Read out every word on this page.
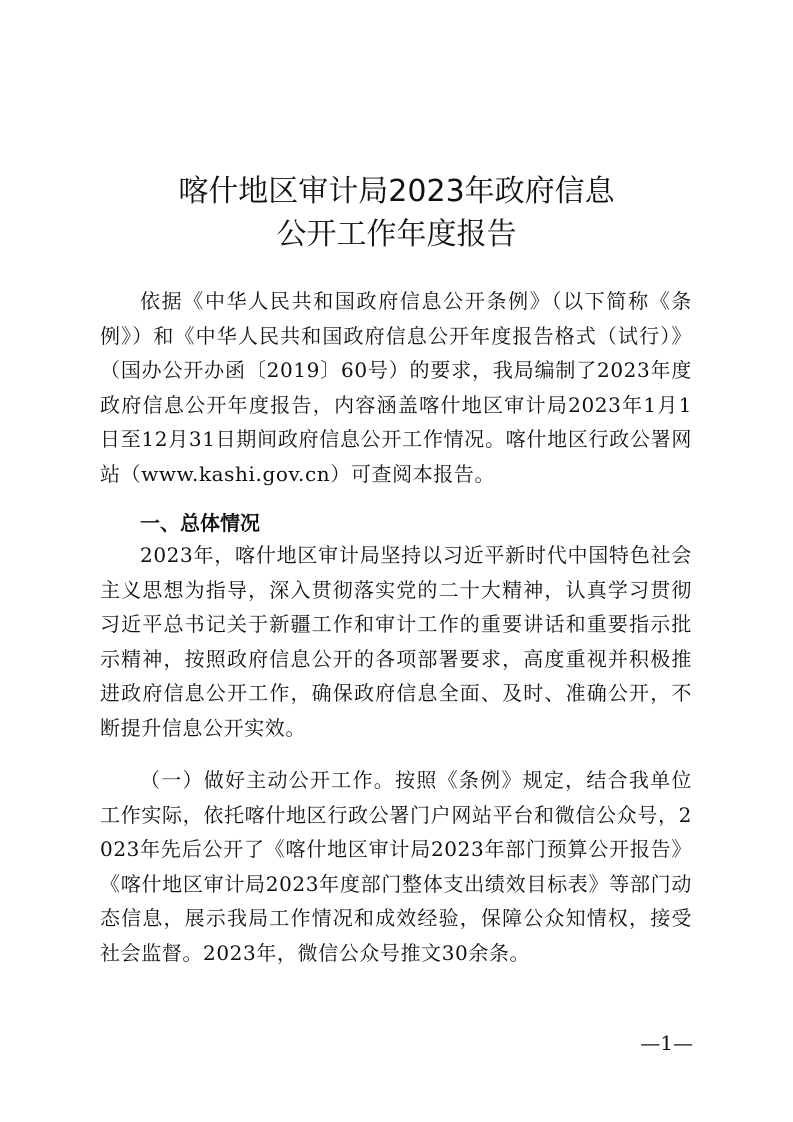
喀什地区审计局2023年政府信息
公开工作年度报告

依据《中华人民共和国政府信息公开条例》（以下简称《条例》）和《中华人民共和国政府信息公开年度报告格式（试行）》（国办公开办函〔2019〕60号）的要求，我局编制了2023年度政府信息公开年度报告，内容涵盖喀什地区审计局2023年1月1日至12月31日期间政府信息公开工作情况。喀什地区行政公署网站（www.kashi.gov.cn）可查阅本报告。

一、总体情况

2023年，喀什地区审计局坚持以习近平新时代中国特色社会主义思想为指导，深入贯彻落实党的二十大精神，认真学习贯彻习近平总书记关于新疆工作和审计工作的重要讲话和重要指示批示精神，按照政府信息公开的各项部署要求，高度重视并积极推进政府信息公开工作，确保政府信息全面、及时、准确公开，不断提升信息公开实效。

（一）做好主动公开工作。按照《条例》规定，结合我单位工作实际，依托喀什地区行政公署门户网站平台和微信公众号，2023年先后公开了《喀什地区审计局2023年部门预算公开报告》《喀什地区审计局2023年度部门整体支出绩效目标表》等部门动态信息，展示我局工作情况和成效经验，保障公众知情权，接受社会监督。2023年，微信公众号推文30余条。

—1—
